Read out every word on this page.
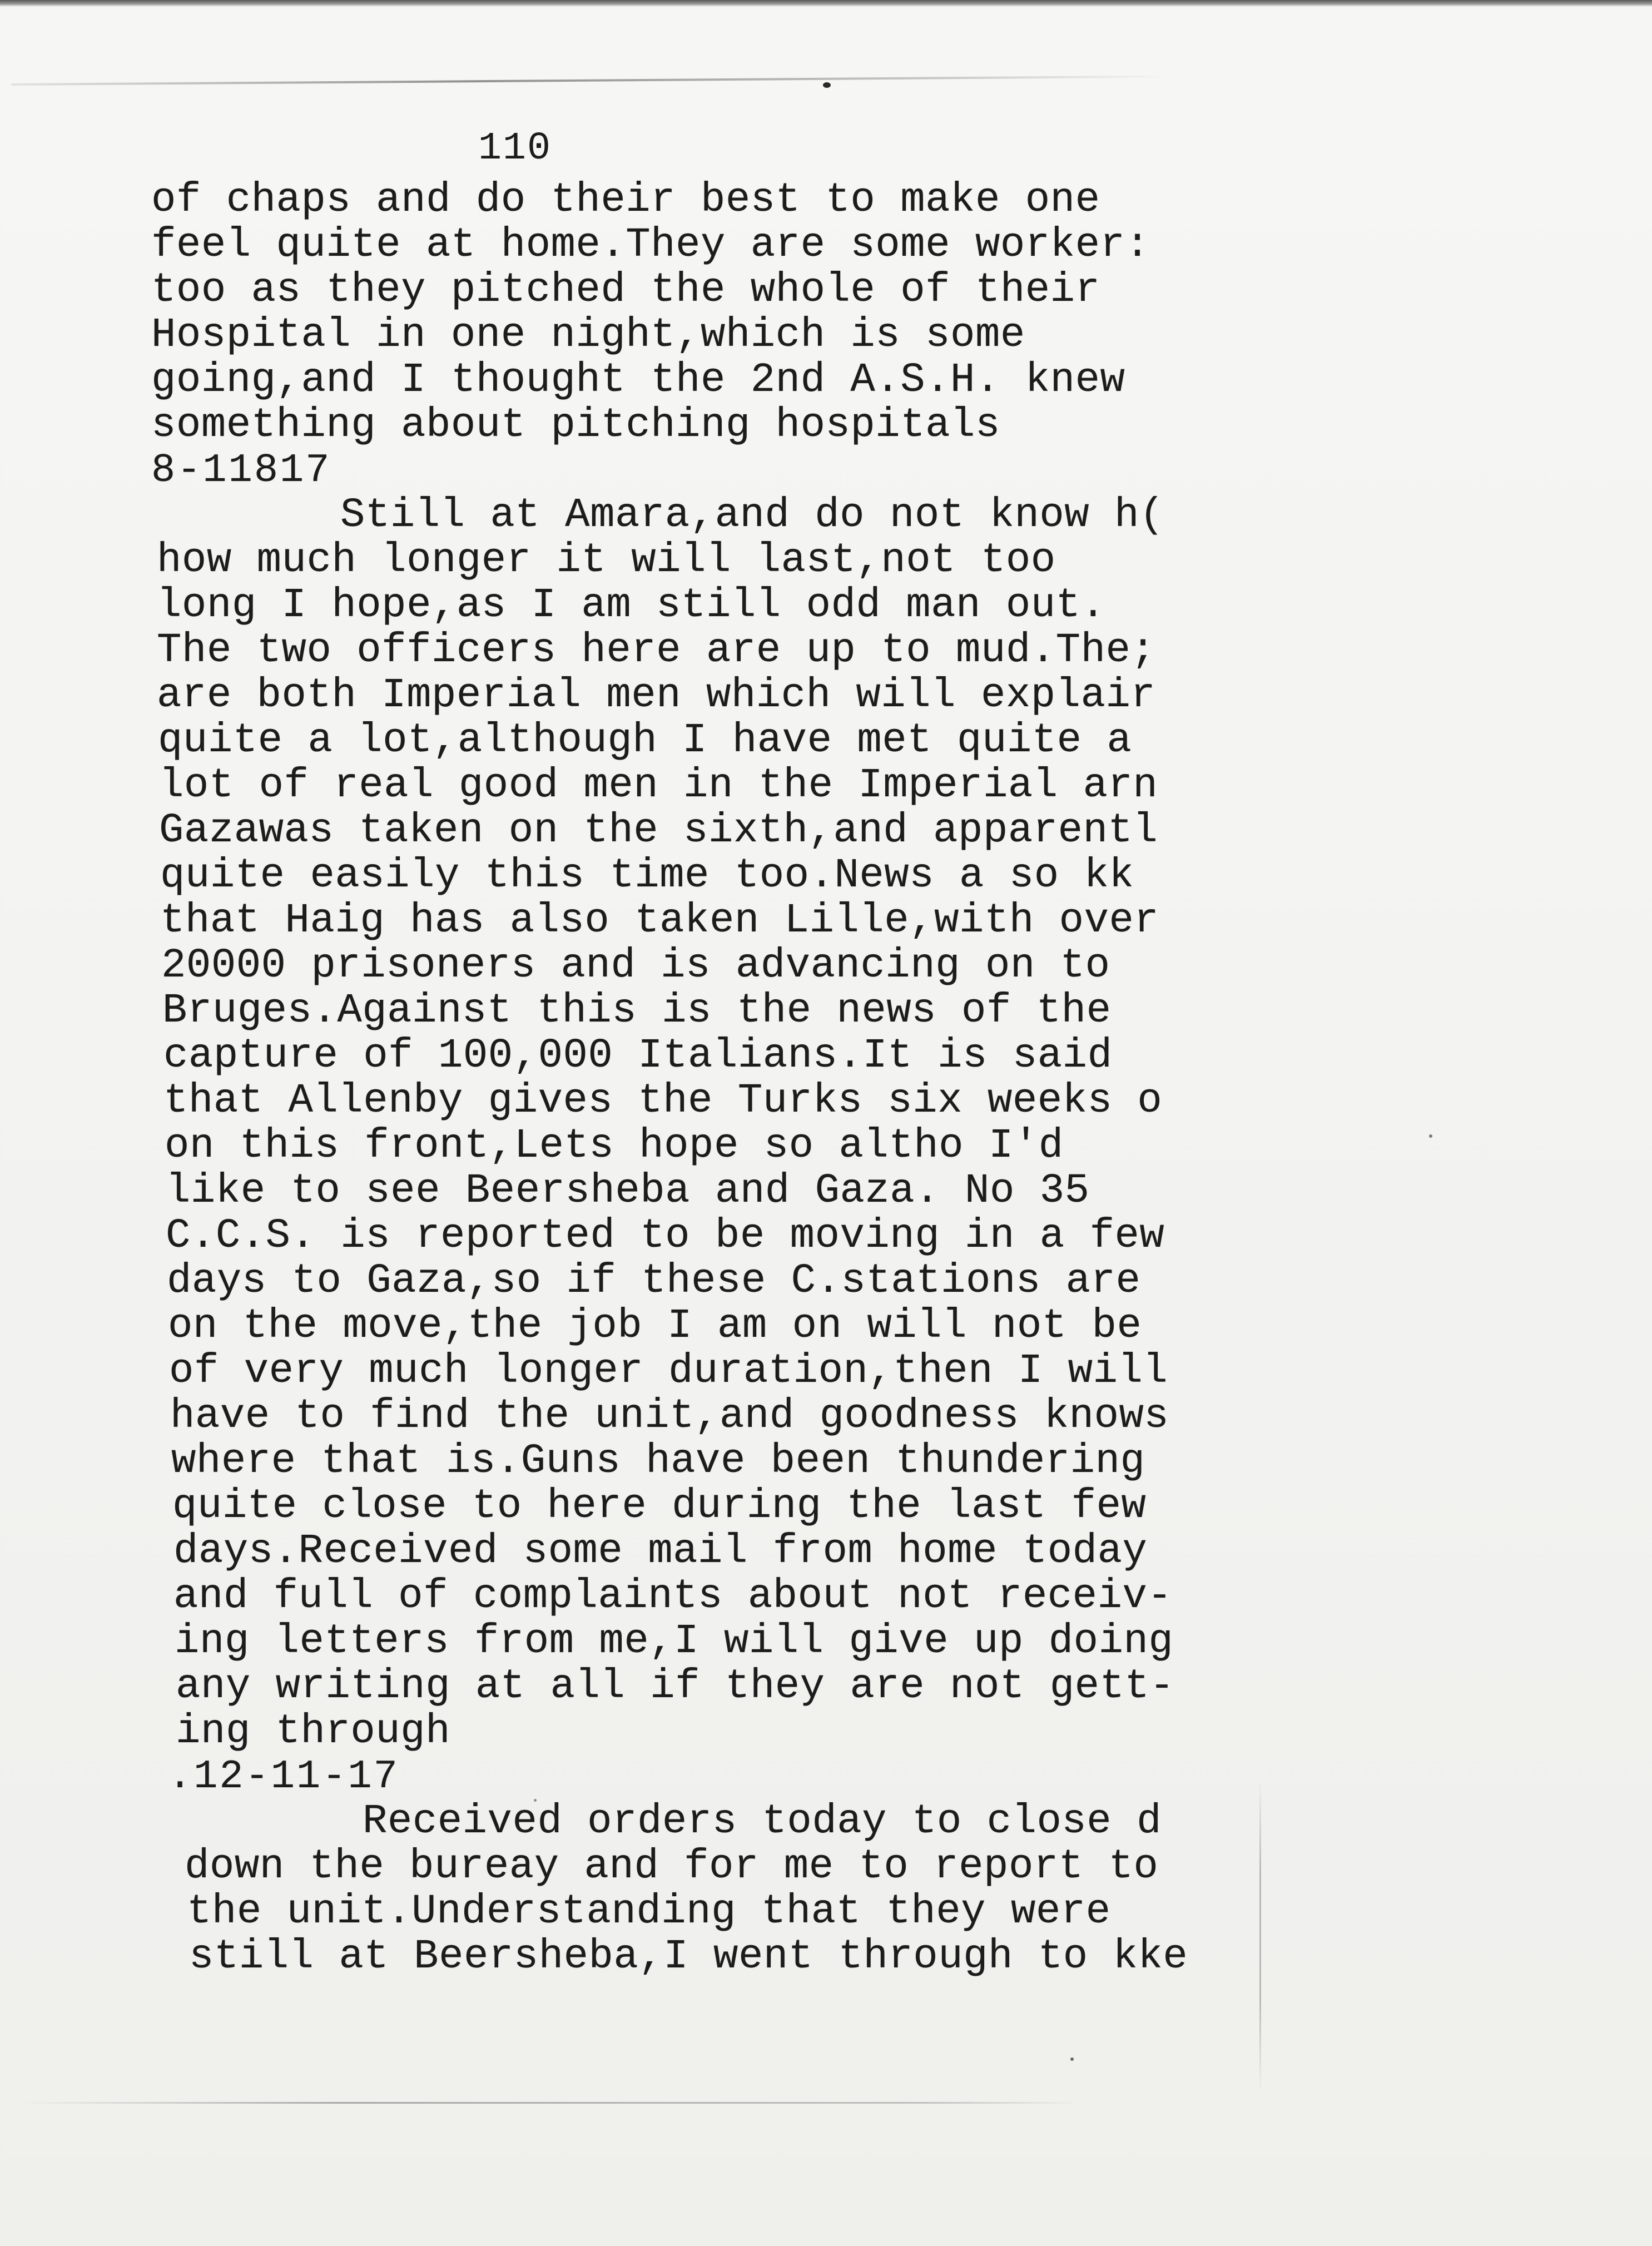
110
of chaps and do their best to make one
feel quite at home.They are some worker:
too as they pitched the whole of their
Hospital in one night,which is some
going,and I thought the 2nd A.S.H. knew
something about pitching hospitals
8-11817
Still at Amara,and do not know h(
how much longer it will last,not too
long I hope,as I am still odd man out.
The two officers here are up to mud.The;
are both Imperial men which will explair
quite a lot,although I have met quite a
lot of real good men in the Imperial arn
Gazawas taken on the sixth,and apparentl
quite easily this time too.News a so kk
that Haig has also taken Lille,with over
20000 prisoners and is advancing on to
Bruges.Against this is the news of the
capture of 100,000 Italians.It is said
that Allenby gives the Turks six weeks o
on this front,Lets hope so altho I'd
like to see Beersheba and Gaza. No 35
C.C.S. is reported to be moving in a few
days to Gaza,so if these C.stations are
on the move,the job I am on will not be
of very much longer duration,then I will
have to find the unit,and goodness knows
where that is.Guns have been thundering
quite close to here during the last few
days.Received some mail from home today
and full of complaints about not receiv-
ing letters from me,I will give up doing
any writing at all if they are not gett-
ing through
.12-11-17
Received orders today to close d
down the bureay and for me to report to
the unit.Understanding that they were
still at Beersheba,I went through to kke
